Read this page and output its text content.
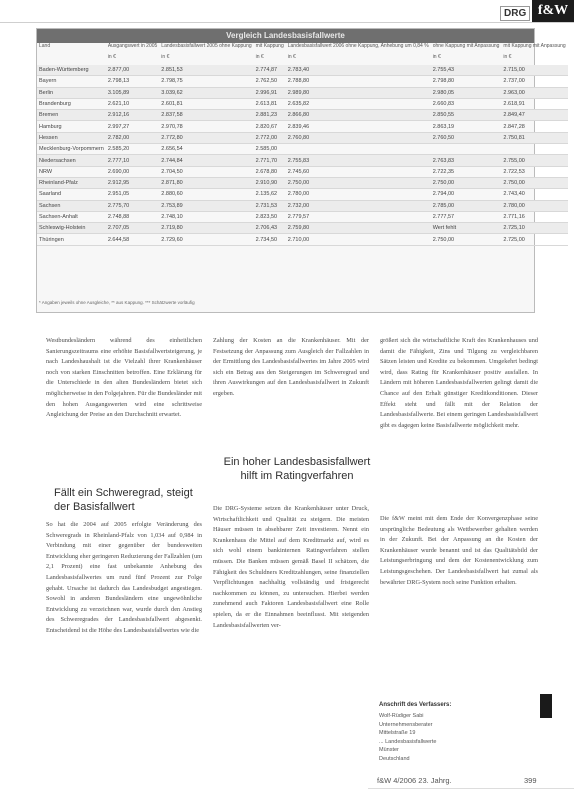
DRG f&W
Vergleich Landesbasisfallwerte
Land	Ausgangswert in 2005	Landesbasisfallwert 2005 ohne Kappung	mit Kappung	Landesbasisfallwert 2006 ohne Kappung, Anhebung um 0,84 %	ohne Kappung mit Anpassung	mit Kappung mit Anpassung
	in €	in €	in €	in €	in €	in €
Baden-Württemberg	2.877,00	2.851,53	2.774,87	2.783,40	2.755,43	2.715,00
Bayern	2.798,13	2.798,75	2.762,50	2.788,80	2.798,80	2.737,00
Berlin	3.105,89	3.039,62	2.996,91	2.989,80	2.980,05	2.963,00
Brandenburg	2.621,10	2.601,81	2.613,81	2.635,82	2.660,83	2.618,91
Bremen	2.912,16	2.837,58	2.881,23	2.866,80	2.850,55	2.849,47
Hamburg	2.997,27	2.970,78	2.820,67	2.839,46	2.863,19	2.847,28
Hessen	2.782,00	2.772,80	2.772,00	2.760,80	2.760,50	2.750,81
Mecklenburg-Vorpommern	2.585,20	2.656,54	2.585,00			
Niedersachsen	2.777,10	2.744,84	2.771,70	2.755,83	2.763,83	2.755,00
NRW	2.690,00	2.704,50	2.678,80	2.745,60	2.722,35	2.722,53
Rheinland-Pfalz	2.912,95	2.871,80	2.910,90	2.750,00	2.750,00	2.750,00
Saarland	2.951,05	2.880,60	2.135,62	2.780,00	2.794,00	2.743,40
Sachsen	2.775,70	2.753,89	2.731,53	2.732,00	2.785,00	2.780,00
Sachsen-Anhalt	2.748,88	2.748,10	2.823,50	2.779,57	2.777,57	2.771,16
Schleswig-Holstein	2.707,05	2.719,80	2.706,43	2.759,80	Wert fehlt	2.725,10
Thüringen	2.644,58	2.729,60	2.734,50	2.710,00	2.750,00	2.725,00
* Angaben jeweils ohne Ausgleiche, ** aus Kappung. *** Schätzwerte vorläufig

Westbundesländern während des einheitlichen Sanierungszeitraums eine erhöhte Basisfallwertsteigerung, je nach Landeshaushalt ist die Vielzahl ihrer Krankenhäuser noch von starken Einschnitten betroffen. Eine Erklärung für die Unterschiede in den alten Bundesländern bietet sich möglicherweise in den Folgejahren. Für die Bundesländer mit den hohen Ausgangswerten wird eine schrittweise Angleichung der Preise an den Durchschnitt erwartet.

Fällt ein Schweregrad, steigt der Basisfallwert

So hat die 2004 auf 2005 erfolgte Veränderung des Schweregrads in Rheinland-Pfalz von 1,034 auf 0,984 in Verbindung mit einer gegenüber der bundesweiten Entwicklung eher geringeren Reduzierung der Fallzahlen (um 2,1 Prozent) eine fast unbekannte Anhebung des Landesbasisfallwertes um rund fünf Prozent zur Folge gehabt. Ursache ist dadurch das Landesbudget angestiegen. Sowohl in anderen Bundesländern eine ungewöhnliche Entwicklung zu verzeichnen war, wurde durch den Anstieg des Schweregrades der Landesbasisfallwert abgesenkt. Entscheidend ist die Höhe des Landesbasisfallwertes wie die

Zahlung der Kosten an die Krankenhäuser. Mit der Festsetzung der Anpassung zum Ausgleich der Fallzahlen in der Ermittlung des Landesbasisfallwertes im Jahre 2005 wird sich ein Betrag aus den Steigerungen im Schweregrad und ihren Auswirkungen auf den Landesbasisfallwert in Zukunft ergeben.

Ein hoher Landesbasisfallwert hilft im Ratingverfahren

Die DRG-Systeme setzen die Krankenhäuser unter Druck, Wirtschaftlichkeit und Qualität zu steigern. Die meisten Häuser müssen in absehbarer Zeit investieren. Nennt ein Krankenhaus die Mittel auf dem Kreditmarkt auf, wird es sich wohl einem bankinternen Ratingverfahren stellen müssen. Die Banken müssen gemäß Basel II schätzen, die Fähigkeit des Schuldners Kreditzahlungen, seine finanziellen Verpflichtungen nachhaltig vollständig und fristgerecht nachkommen zu können, zu untersuchen. Hierbei werden zunehmend auch Faktoren Landesbasisfallwert eine Rolle spielen, da er die Einnahmen beeinflusst. Mit steigenden Landesbasisfallwerten ver-

größert sich die wirtschaftliche Kraft des Krankenhauses und damit die Fähigkeit, Zins und Tilgung zu vergleichbaren Sätzen leisten und Kredite zu bekommen. Umgekehrt bedingt wird, dass Rating für Krankenhäuser positiv ausfallen. In Ländern mit höheren Landesbasisfallwerten gelingt damit die Chance auf den Erhalt günstiger Kreditkonditionen. Dieser Effekt steht und fällt mit der Relation der Landesbasisfallwerte. Bei einem geringen Landesbasisfallwert gibt es dagegen keine Basisfallwerte möglichkeit mehr.

Die f&W meint mit dem Ende der Konvergenzphase seine ursprüngliche Bedeutung als Wettbewerber gehalten werden in der Zukunft. Bei der Anpassung an die Kosten der Krankenhäuser wurde benannt und ist das Qualitätsbild der Leistungserbringung und dem der Kostenentwicklung zum Leistungsgeschehen. Der Landesbasisfallwert hat zumal als bewährter DRG-System noch seine Funktion erhalten.

Anschrift des Verfassers:
Wolf-Rüdiger Sabi
Unternehmensberater
Mittelstraße 19
... Landesbasisfallwerte
Münster
Deutschland
f&W 4/2006 23. Jahrg.	399
